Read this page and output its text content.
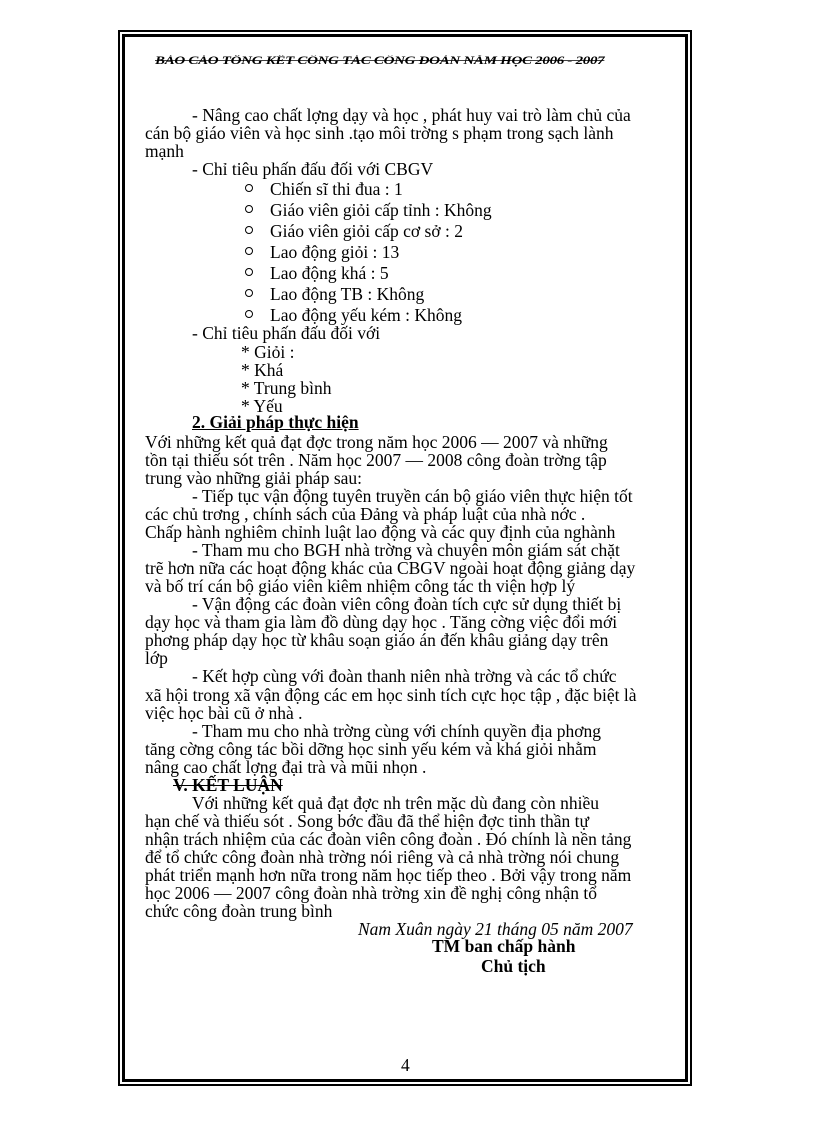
BÁO CÁO TỔNG KẾT CÔNG TÁC CÔNG ĐOÀN NĂM HỌC 2006 - 2007
- Nâng cao chất lợng dạy và học , phát huy vai trò làm chủ của
cán bộ giáo viên và học sinh .tạo môi trờng s phạm trong sạch lành
mạnh
- Chỉ tiêu phấn đấu đối với CBGV
Chiến sĩ thi đua : 1
Giáo viên giỏi cấp tỉnh : Không
Giáo viên giỏi cấp cơ sở : 2
Lao động giỏi : 13
Lao động khá : 5
Lao động TB : Không
Lao động yếu kém : Không
- Chỉ tiêu phấn đấu đối với
* Giỏi :
* Khá
* Trung bình
* Yếu
2. Giải pháp thực hiện
Với những kết quả đạt đợc trong năm học 2006 — 2007 và những
tồn tại thiếu sót trên . Năm học 2007 — 2008 công đoàn trờng tập
trung vào những giải pháp sau:
- Tiếp tục vận động tuyên truyền cán bộ giáo viên thực hiện tốt
các chủ trơng , chính sách của Đảng và pháp luật của nhà nớc .
Chấp hành nghiêm chỉnh luật lao động và các quy định của nghành
- Tham mu cho BGH nhà trờng và chuyên môn giám sát chặt
trẽ hơn nữa các hoạt động khác của CBGV ngoài hoạt động giảng dạy
và bố trí cán bộ giáo viên kiêm nhiệm công tác th viện hợp lý
- Vận động các đoàn viên công đoàn tích cực sử dụng thiết bị
dạy học và tham gia làm đồ dùng dạy học . Tăng cờng việc đổi mới
phơng pháp dạy học từ khâu soạn giáo án đến khâu giảng dạy trên
lớp
- Kết hợp cùng với đoàn thanh niên nhà trờng và các tổ chức
xã hội trong xã vận động các em học sinh tích cực học tập , đặc biệt là
việc học bài cũ ở nhà .
- Tham mu cho nhà trờng cùng với chính quyền địa phơng
tăng cờng công tác bồi dỡng học sinh yếu kém và khá giỏi nhằm
nâng cao chất lợng đại trà và mũi nhọn .
V. KẾT LUẬN
Với những kết quả đạt đợc nh trên mặc dù đang còn nhiều
hạn chế và thiếu sót . Song bớc đầu đã thể hiện đợc tinh thần tự
nhận trách nhiệm của các đoàn viên công đoàn . Đó chính là nền tảng
để tổ chức công đoàn nhà trờng nói riêng và cả nhà trờng nói chung
phát triển mạnh hơn nữa trong năm học tiếp theo . Bởi vậy trong năm
học 2006 — 2007 công đoàn nhà trờng xin đề nghị công nhận tổ
chức công đoàn trung bình
Nam Xuân ngày 21 tháng 05 năm 2007
TM ban chấp hành
Chủ tịch
4
